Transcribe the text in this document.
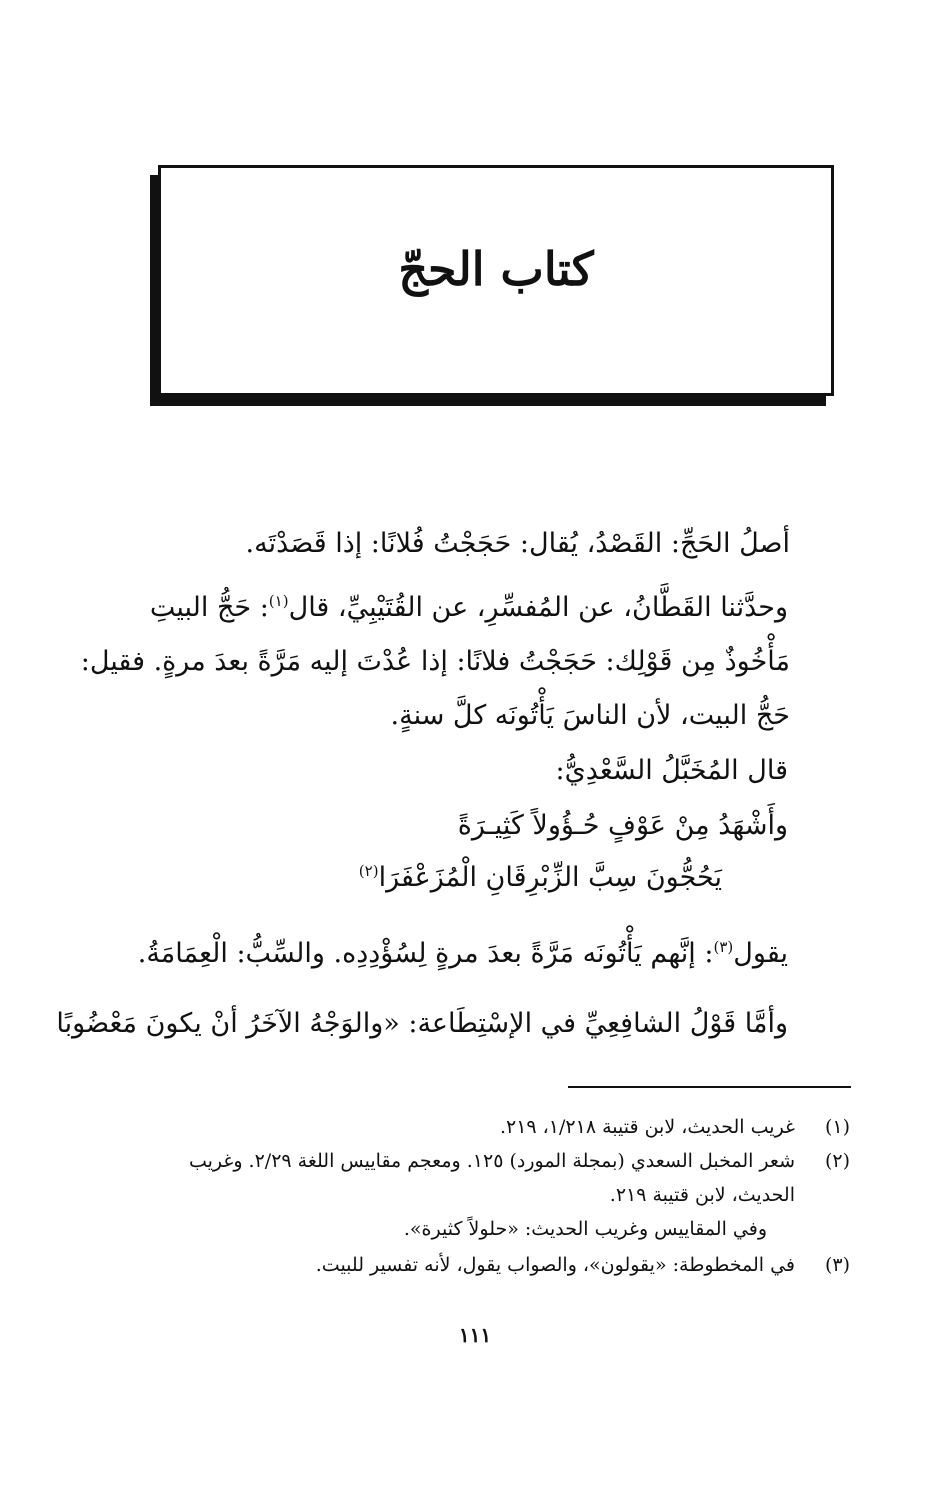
كتاب الحجّ
أصلُ الحَجِّ: القَصْدُ، يُقال: حَجَجْتُ فُلانًا: إذا قَصَدْتَه.
وحدَّثنا القَطَّانُ، عن المُفسِّرِ، عن القُتَيْبِيِّ، قال$^{(١)}$: حَجُّ البيتِ
مَأْخُوذٌ مِن قَوْلِك: حَجَجْتُ فلانًا: إذا عُدْتَ إليه مَرَّةً بعدَ مرةٍ. فقيل:
حَجُّ البيت، لأن الناسَ يَأْتُونَه كلَّ سنةٍ.
قال المُخَبَّلُ السَّعْدِيُّ:
وأَشْهَدُ مِنْ عَوْفٍ حُـؤُولاً كَثِيـرَةً
يَحُجُّونَ سِبَّ الزِّبْرِقَانِ الْمُزَعْفَرَا$^{(٢)}$
يقول$^{(٣)}$: إنَّهم يَأْتُونَه مَرَّةً بعدَ مرةٍ لِسُؤْدِدِه. والسِّبُّ: الْعِمَامَةُ.
وأمَّا قَوْلُ الشافِعِيِّ في الإسْتِطَاعة: «والوَجْهُ الآخَرُ أنْ يكونَ مَعْضُوبًا
(١)
غريب الحديث، لابن قتيبة ١/٢١٨، ٢١٩.
(٢)
شعر المخبل السعدي (بمجلة المورد) ١٢٥. ومعجم مقاييس اللغة ٢/٢٩. وغريب
الحديث، لابن قتيبة ٢١٩.
وفي المقاييس وغريب الحديث: «حلولاً كثيرة».
(٣)
في المخطوطة: «يقولون»، والصواب يقول، لأنه تفسير للبيت.
١١١
